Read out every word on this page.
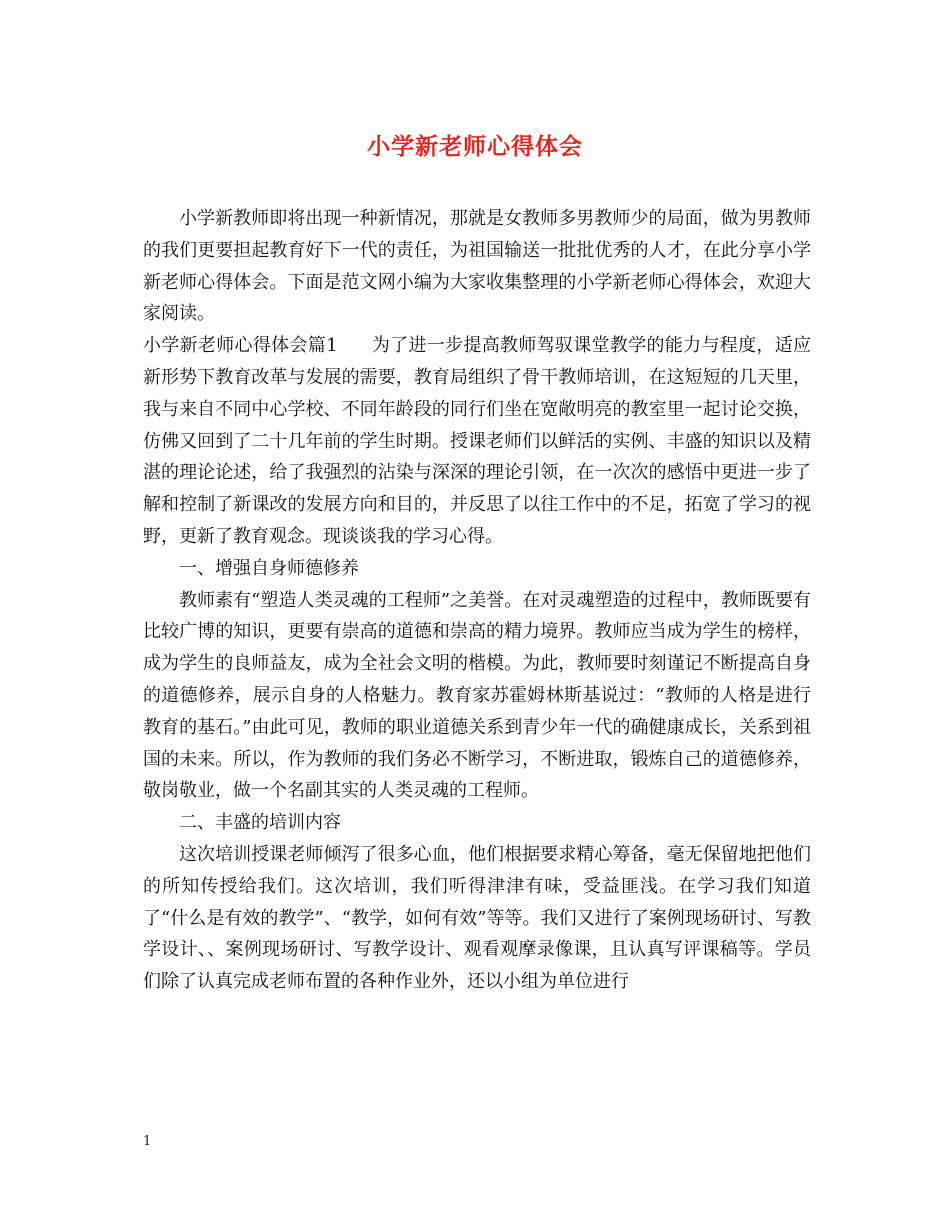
小学新老师心得体会

小学新教师即将出现一种新情况，那就是女教师多男教师少的局面，做为男教师的我们更要担起教育好下一代的责任，为祖国输送一批批优秀的人才，在此分享小学新老师心得体会。下面是范文网小编为大家收集整理的小学新老师心得体会，欢迎大家阅读。

小学新老师心得体会篇1 为了进一步提高教师驾驭课堂教学的能力与程度，适应新形势下教育改革与发展的需要，教育局组织了骨干教师培训，在这短短的几天里，我与来自不同中心学校、不同年龄段的同行们坐在宽敞明亮的教室里一起讨论交换，仿佛又回到了二十几年前的学生时期。授课老师们以鲜活的实例、丰盛的知识以及精湛的理论论述，给了我强烈的沾染与深深的理论引领，在一次次的感悟中更进一步了解和控制了新课改的发展方向和目的，并反思了以往工作中的不足，拓宽了学习的视野，更新了教育观念。现谈谈我的学习心得。

一、增强自身师德修养

教师素有“塑造人类灵魂的工程师”之美誉。在对灵魂塑造的过程中，教师既要有比较广博的知识，更要有崇高的道德和崇高的精力境界。教师应当成为学生的榜样，成为学生的良师益友，成为全社会文明的楷模。为此，教师要时刻谨记不断提高自身的道德修养，展示自身的人格魅力。教育家苏霍姆林斯基说过：“教师的人格是进行教育的基石。”由此可见，教师的职业道德关系到青少年一代的确健康成长，关系到祖国的未来。所以，作为教师的我们务必不断学习，不断进取，锻炼自己的道德修养，敬岗敬业，做一个名副其实的人类灵魂的工程师。

二、丰盛的培训内容

这次培训授课老师倾泻了很多心血，他们根据要求精心筹备，毫无保留地把他们的所知传授给我们。这次培训，我们听得津津有味，受益匪浅。在学习我们知道了“什么是有效的教学”、“教学，如何有效”等等。我们又进行了案例现场研讨、写教学设计、、案例现场研讨、写教学设计、观看观摩录像课，且认真写评课稿等。学员们除了认真完成老师布置的各种作业外，还以小组为单位进行

1
